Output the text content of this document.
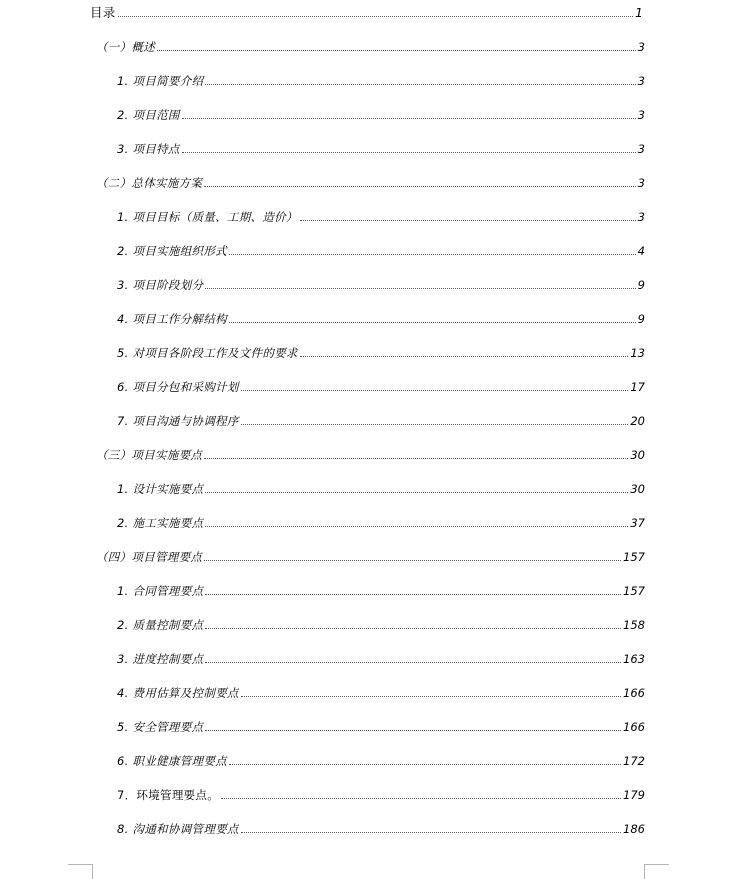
目录	1
（一）概述	3
1. 项目简要介绍	3
2. 项目范围	3
3. 项目特点	3
（二）总体实施方案	3
1. 项目目标（质量、工期、造价）	3
2. 项目实施组织形式	4
3. 项目阶段划分	9
4. 项目工作分解结构	9
5. 对项目各阶段工作及文件的要求	13
6. 项目分包和采购计划	17
7. 项目沟通与协调程序	20
（三）项目实施要点	30
1. 设计实施要点	30
2. 施工实施要点	37
（四）项目管理要点	157
1. 合同管理要点	157
2. 质量控制要点	158
3. 进度控制要点	163
4. 费用估算及控制要点	166
5. 安全管理要点	166
6. 职业健康管理要点	172
7．环境管理要点。	179
8. 沟通和协调管理要点	186
